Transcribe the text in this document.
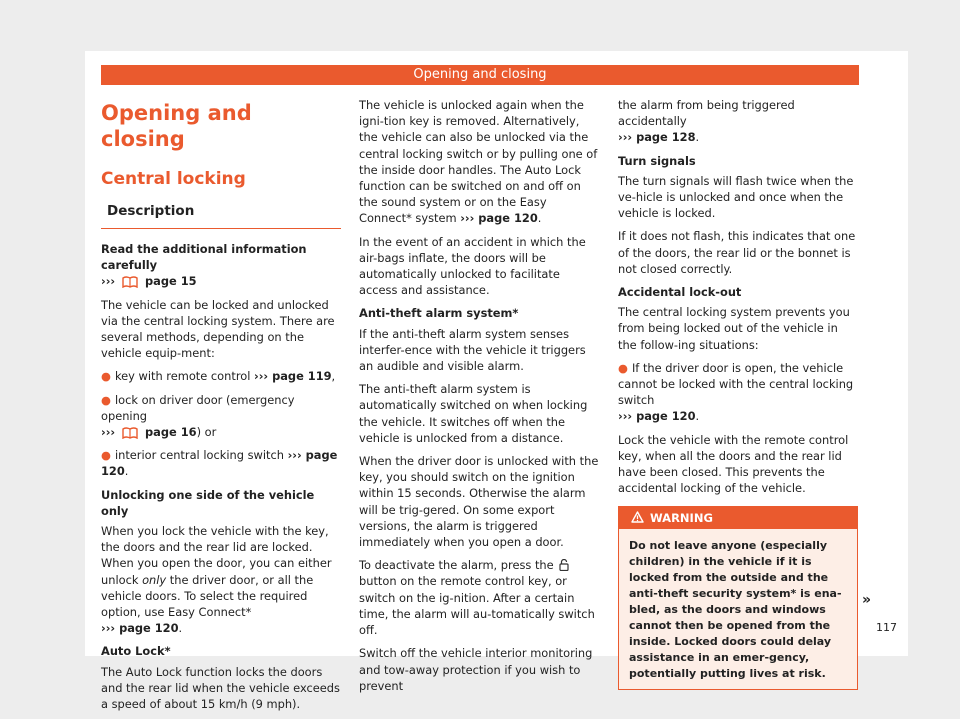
Opening and closing
Opening and closing
Central locking
Description

Read the additional information carefully

›››	page 15

The vehicle can be locked and unlocked via the central locking system. There are several methods, depending on the vehicle equip-ment:

● key with remote control ››› page 119,
● lock on driver door (emergency opening
›››	page 16) or
● interior central locking switch ››› page 120.

Unlocking one side of the vehicle only

When you lock the vehicle with the key, the doors and the rear lid are locked. When you open the door, you can either unlock only the driver door, or all the vehicle doors. To select the required option, use Easy Connect*
››› page 120.

Auto Lock*

The Auto Lock function locks the doors and the rear lid when the vehicle exceeds a speed of about 15 km/h (9 mph).

The vehicle is unlocked again when the igni-tion key is removed. Alternatively, the vehicle can also be unlocked via the central locking switch or by pulling one of the inside door handles. The Auto Lock function can be switched on and off on the sound system or on the Easy Connect* system ››› page 120.

In the event of an accident in which the air-bags inflate, the doors will be automatically unlocked to facilitate access and assistance.

Anti-theft alarm system*

If the anti-theft alarm system senses interfer-ence with the vehicle it triggers an audible and visible alarm.

The anti-theft alarm system is automatically switched on when locking the vehicle. It switches off when the vehicle is unlocked from a distance.

When the driver door is unlocked with the key, you should switch on the ignition within 15 seconds. Otherwise the alarm will be trig-gered. On some export versions, the alarm is triggered immediately when you open a door.

To deactivate the alarm, press the  button on the remote control key, or switch on the ig-nition. After a certain time, the alarm will au-tomatically switch off.

Switch off the vehicle interior monitoring and tow-away protection if you wish to prevent

the alarm from being triggered accidentally
››› page 128.

Turn signals

The turn signals will flash twice when the ve-hicle is unlocked and once when the vehicle is locked.

If it does not flash, this indicates that one of the doors, the rear lid or the bonnet is not closed correctly.

Accidental lock-out

The central locking system prevents you from being locked out of the vehicle in the follow-ing situations:

● If the driver door is open, the vehicle cannot be locked with the central locking switch
››› page 120.

Lock the vehicle with the remote control key, when all the doors and the rear lid have been closed. This prevents the accidental locking of the vehicle.

WARNING
Do not leave anyone (especially children) in the vehicle if it is locked from the outside and the anti-theft security system* is ena-bled, as the doors and windows cannot then be opened from the inside. Locked doors could delay assistance in an emer-gency, potentially putting lives at risk.
»
117
